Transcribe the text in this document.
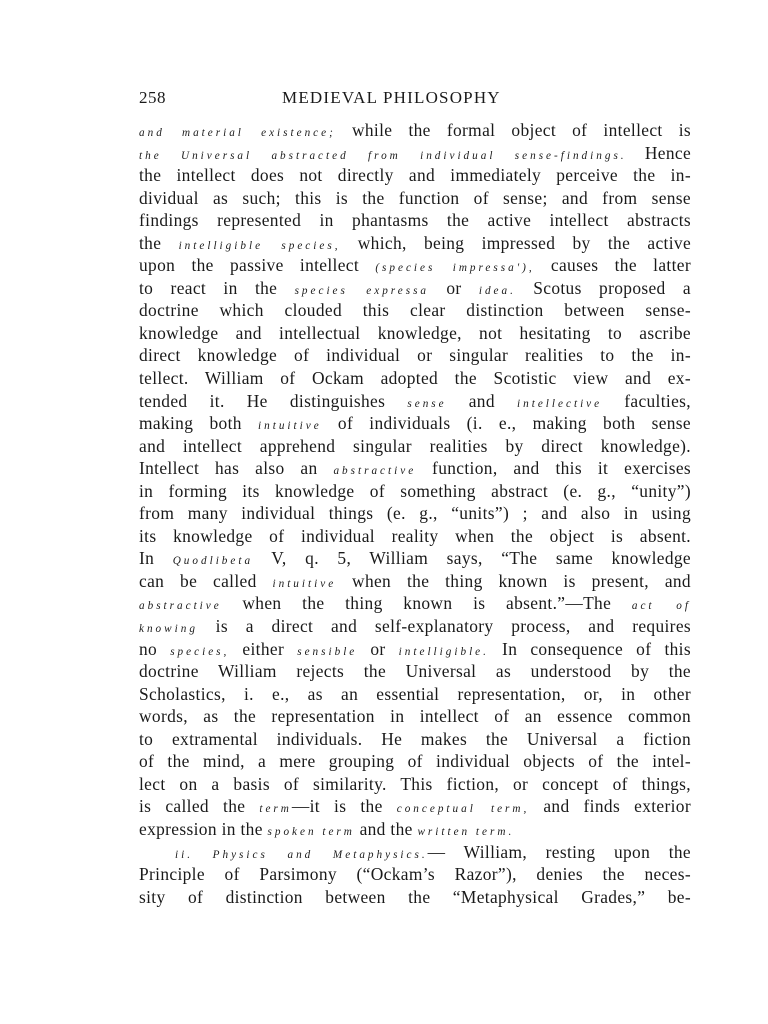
258	MEDIEVAL PHILOSOPHY
and material existence; while the formal object of intellect is
the Universal abstracted from individual sense-findings. Hence
the intellect does not directly and immediately perceive the in-
dividual as such; this is the function of sense; and from sense
findings represented in phantasms the active intellect abstracts
the intelligible species, which, being impressed by the active
upon the passive intellect (species impressa'), causes the latter
to react in the species expressa or idea. Scotus proposed a
doctrine which clouded this clear distinction between sense-
knowledge and intellectual knowledge, not hesitating to ascribe
direct knowledge of individual or singular realities to the in-
tellect. William of Ockam adopted the Scotistic view and ex-
tended it. He distinguishes sense and intellective faculties,
making both intuitive of individuals (i. e., making both sense
and intellect apprehend singular realities by direct knowledge).
Intellect has also an abstractive function, and this it exercises
in forming its knowledge of something abstract (e. g., “unity”)
from many individual things (e. g., “units”) ; and also in using
its knowledge of individual reality when the object is absent.
In Quodlibeta V, q. 5, William says, “The same knowledge
can be called intuitive when the thing known is present, and
abstractive when the thing known is absent.”—The act of
knowing is a direct and self-explanatory process, and requires
no species, either sensible or intelligible. In consequence of this
doctrine William rejects the Universal as understood by the
Scholastics, i. e., as an essential representation, or, in other
words, as the representation in intellect of an essence common
to extramental individuals. He makes the Universal a fiction
of the mind, a mere grouping of individual objects of the intel-
lect on a basis of similarity. This fiction, or concept of things,
is called the term—it is the conceptual term, and finds exterior
expression in the spoken term and the written term.
ii. Physics and Metaphysics.— William, resting upon the
Principle of Parsimony (“Ockam’s Razor”), denies the neces-
sity of distinction between the “Metaphysical Grades,” be-
